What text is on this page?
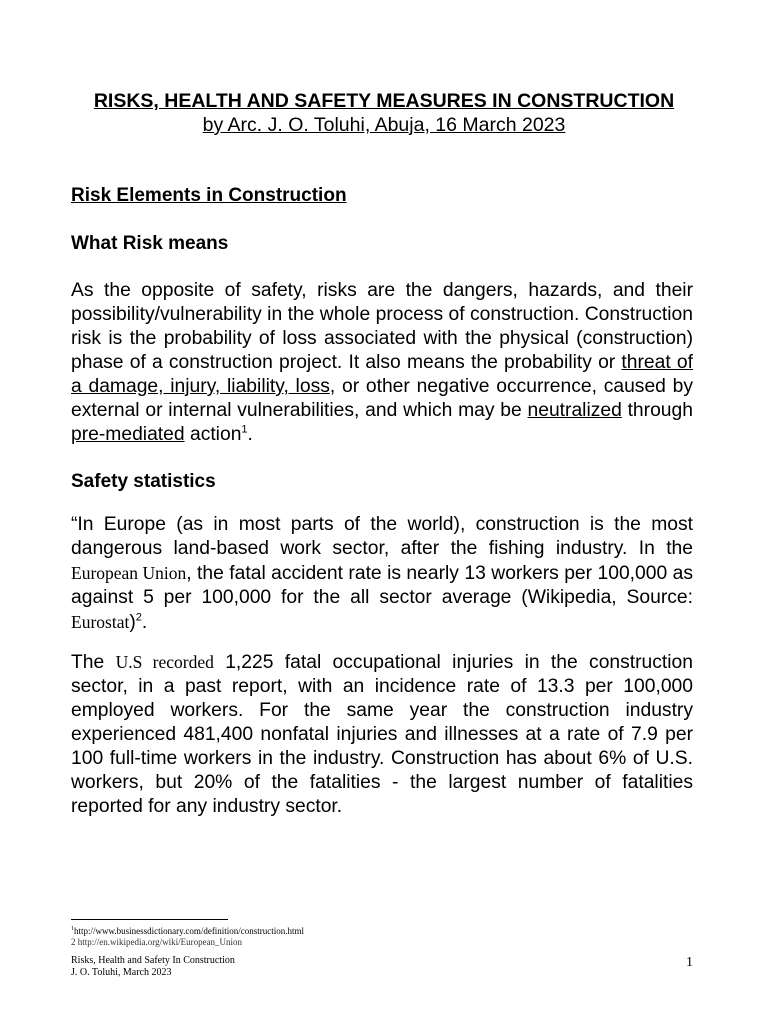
RISKS, HEALTH AND SAFETY MEASURES IN CONSTRUCTION
by Arc. J. O. Toluhi, Abuja, 16 March 2023
Risk Elements in Construction
What Risk means
As the opposite of safety, risks are the dangers, hazards, and their possibility/vulnerability in the whole process of construction. Construction risk is the probability of loss associated with the physical (construction) phase of a construction project. It also means the probability or threat of a damage, injury, liability, loss, or other negative occurrence, caused by external or internal vulnerabilities, and which may be neutralized through pre-mediated action$^1$.
Safety statistics
“In Europe (as in most parts of the world), construction is the most dangerous land-based work sector, after the fishing industry. In the European Union, the fatal accident rate is nearly 13 workers per 100,000 as against 5 per 100,000 for the all sector average (Wikipedia, Source: Eurostat)$^2$.
The U.S recorded 1,225 fatal occupational injuries in the construction sector, in a past report, with an incidence rate of 13.3 per 100,000 employed workers. For the same year the construction industry experienced 481,400 nonfatal injuries and illnesses at a rate of 7.9 per 100 full-time workers in the industry. Construction has about 6% of U.S. workers, but 20% of the fatalities - the largest number of fatalities reported for any industry sector.
$^1$http://www.businessdictionary.com/definition/construction.html
2 http://en.wikipedia.org/wiki/European_Union
Risks, Health and Safety In Construction
J. O. Toluhi, March 2023
1
